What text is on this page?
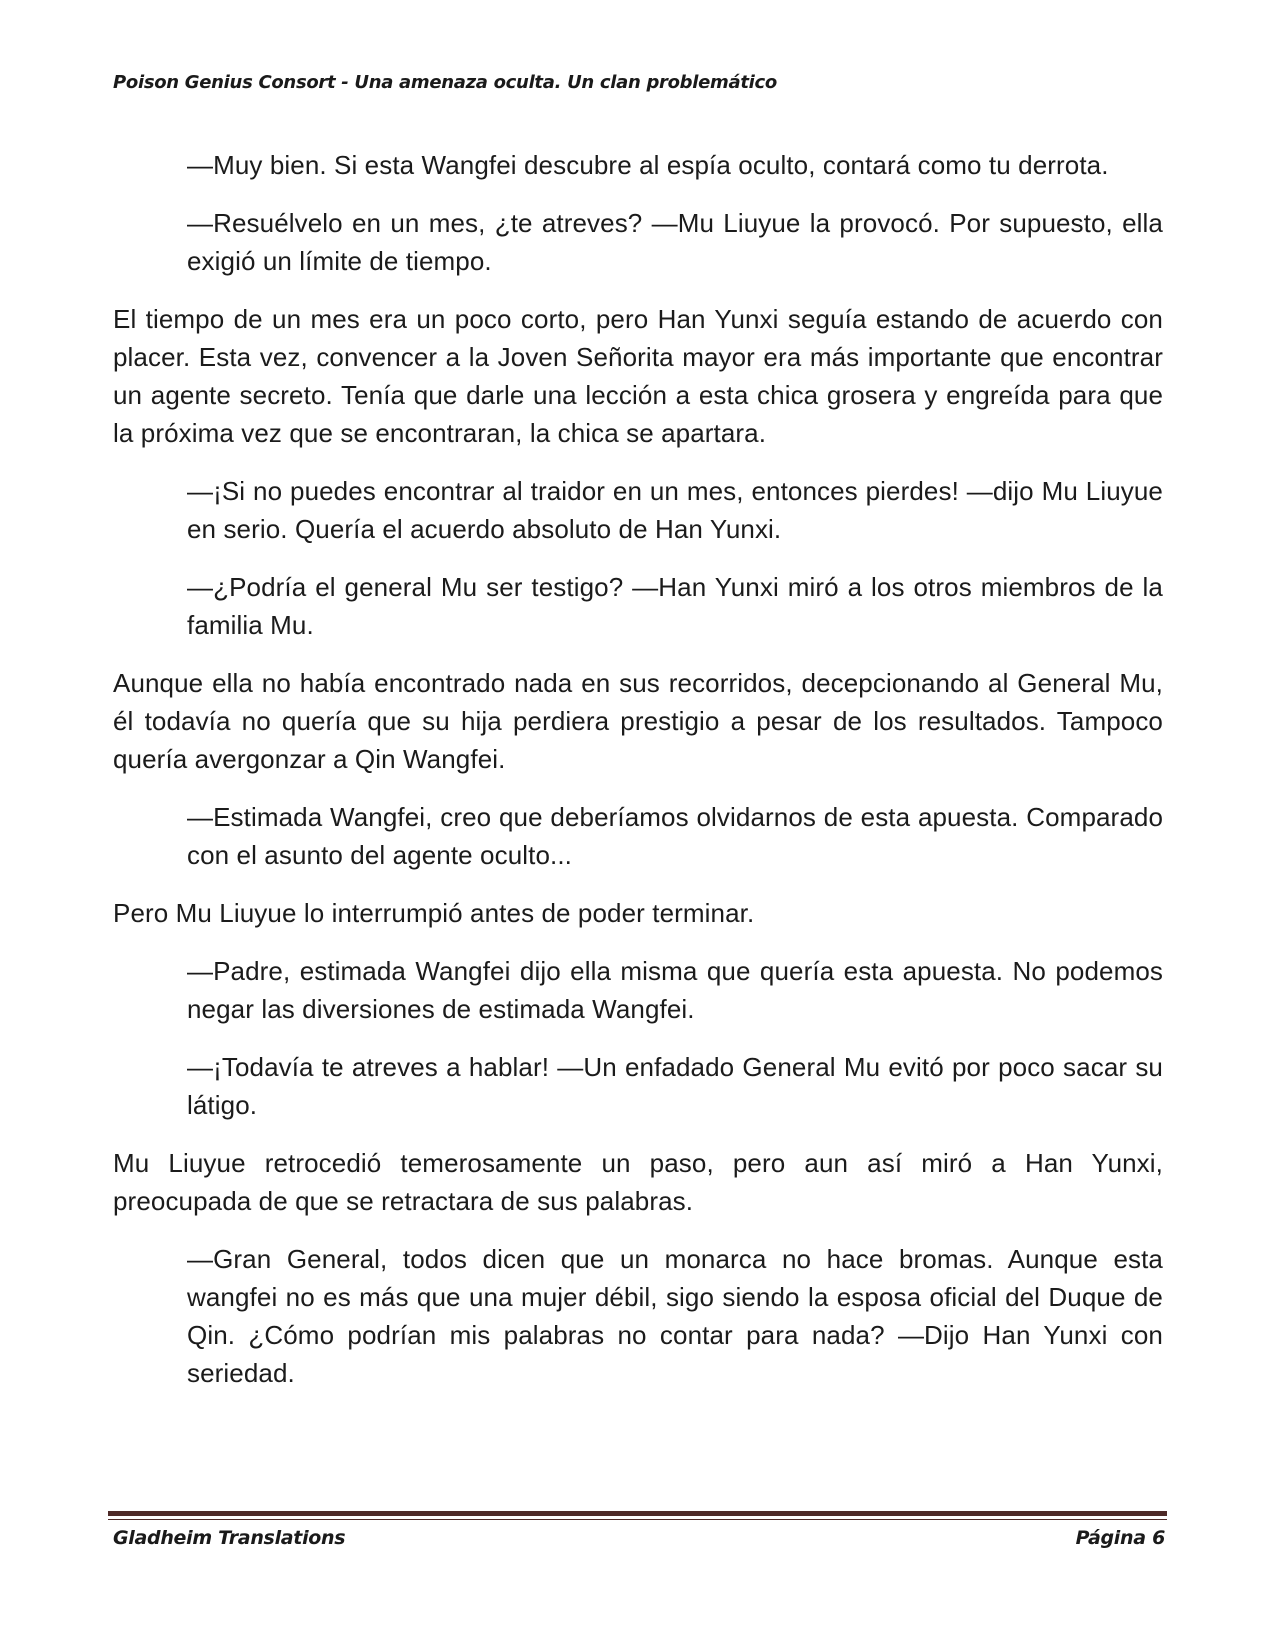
Poison Genius Consort - Una amenaza oculta. Un clan problemático

—Muy bien. Si esta Wangfei descubre al espía oculto, contará como tu derrota.

—Resuélvelo en un mes, ¿te atreves? —Mu Liuyue la provocó. Por supuesto, ella exigió un límite de tiempo.

El tiempo de un mes era un poco corto, pero Han Yunxi seguía estando de acuerdo con placer. Esta vez, convencer a la Joven Señorita mayor era más importante que encontrar un agente secreto. Tenía que darle una lección a esta chica grosera y engreída para que la próxima vez que se encontraran, la chica se apartara.

—¡Si no puedes encontrar al traidor en un mes, entonces pierdes! —dijo Mu Liuyue en serio. Quería el acuerdo absoluto de Han Yunxi.

—¿Podría el general Mu ser testigo? —Han Yunxi miró a los otros miembros de la familia Mu.

Aunque ella no había encontrado nada en sus recorridos, decepcionando al General Mu, él todavía no quería que su hija perdiera prestigio a pesar de los resultados. Tampoco quería avergonzar a Qin Wangfei.

—Estimada Wangfei, creo que deberíamos olvidarnos de esta apuesta. Comparado con el asunto del agente oculto...

Pero Mu Liuyue lo interrumpió antes de poder terminar.

—Padre, estimada Wangfei dijo ella misma que quería esta apuesta. No podemos negar las diversiones de estimada Wangfei.

—¡Todavía te atreves a hablar! —Un enfadado General Mu evitó por poco sacar su látigo.

Mu Liuyue retrocedió temerosamente un paso, pero aun así miró a Han Yunxi, preocupada de que se retractara de sus palabras.

—Gran General, todos dicen que un monarca no hace bromas. Aunque esta wangfei no es más que una mujer débil, sigo siendo la esposa oficial del Duque de Qin. ¿Cómo podrían mis palabras no contar para nada? —Dijo Han Yunxi con seriedad.

Gladheim Translations	Página 6
